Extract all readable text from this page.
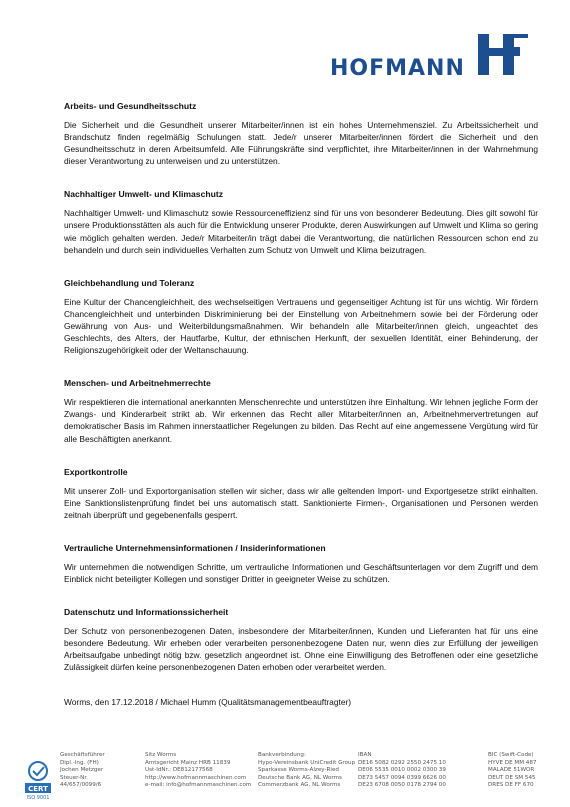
HOFMANN
Arbeits- und Gesundheitsschutz

Die Sicherheit und die Gesundheit unserer Mitarbeiter/innen ist ein hohes Unternehmensziel. Zu Arbeitssicherheit und Brandschutz finden regelmäßig Schulungen statt. Jede/r unserer Mitarbeiter/innen fördert die Sicherheit und den Gesundheitsschutz in deren Arbeitsumfeld. Alle Führungskräfte sind verpflichtet, ihre Mitarbeiter/innen in der Wahrnehmung dieser Verantwortung zu unterweisen und zu unterstützen.

Nachhaltiger Umwelt- und Klimaschutz

Nachhaltiger Umwelt- und Klimaschutz sowie Ressourceneffizienz sind für uns von besonderer Bedeutung. Dies gilt sowohl für unsere Produktionsstätten als auch für die Entwicklung unserer Produkte, deren Auswirkungen auf Umwelt und Klima so gering wie möglich gehalten werden. Jede/r Mitarbeiter/in trägt dabei die Verantwortung, die natürlichen Ressourcen schon end zu behandeln und durch sein individuelles Verhalten zum Schutz von Umwelt und Klima beizutragen.

Gleichbehandlung und Toleranz

Eine Kultur der Chancengleichheit, des wechselseitigen Vertrauens und gegenseitiger Achtung ist für uns wichtig. Wir fördern Chancengleichheit und unterbinden Diskriminierung bei der Einstellung von Arbeitnehmern sowie bei der Förderung oder Gewährung von Aus- und Weiterbildungsmaßnahmen. Wir behandeln alle Mitarbeiter/innen gleich, ungeachtet des Geschlechts, des Alters, der Hautfarbe, Kultur, der ethnischen Herkunft, der sexuellen Identität, einer Behinderung, der Religionszugehörigkeit oder der Weltanschauung.

Menschen- und Arbeitnehmerrechte

Wir respektieren die international anerkannten Menschenrechte und unterstützen ihre Einhaltung. Wir lehnen jegliche Form der Zwangs- und Kinderarbeit strikt ab. Wir erkennen das Recht aller Mitarbeiter/innen an, Arbeitnehmervertretungen auf demokratischer Basis im Rahmen innerstaatlicher Regelungen zu bilden. Das Recht auf eine angemessene Vergütung wird für alle Beschäftigten anerkannt.

Exportkontrolle

Mit unserer Zoll- und Exportorganisation stellen wir sicher, dass wir alle geltenden Import- und Exportgesetze strikt einhalten. Eine Sanktionslistenprüfung findet bei uns automatisch statt. Sanktionierte Firmen-, Organisationen und Personen werden zeitnah überprüft und gegebenenfalls gesperrt.

Vertrauliche Unternehmensinformationen / Insiderinformationen

Wir unternehmen die notwendigen Schritte, um vertrauliche Informationen und Geschäftsunterlagen vor dem Zugriff und dem Einblick nicht beteiligter Kollegen und sonstiger Dritter in geeigneter Weise zu schützen.

Datenschutz und Informationssicherheit

Der Schutz von personenbezogenen Daten, insbesondere der Mitarbeiter/innen, Kunden und Lieferanten hat für uns eine besondere Bedeutung. Wir erheben oder verarbeiten personenbezogene Daten nur, wenn dies zur Erfüllung der jeweiligen Arbeitsaufgabe unbedingt nötig bzw. gesetzlich angeordnet ist. Ohne eine Einwilligung des Betroffenen oder eine gesetzliche Zulässigkeit dürfen keine personenbezogenen Daten erhoben oder verarbeitet werden.

Worms, den 17.12.2018 / Michael Humm (Qualitätsmanagementbeauftragter)
CERT
ISO 9001
Geschäftsführer
Dipl.-Ing. (FH)
Jochen Metzger
Steuer-Nr.
44/657/0099/6
Sitz Worms
Amtsgericht Mainz HRB 11839
Ust-IdNr.: DE812177568
http://www.hofmannmaschinen.com
e-mail: info@hofmannmaschinen.com
Bankverbindung:
Hypo-Vereinsbank UniCredit Group
Sparkasse Worms-Alzey-Ried
Deutsche Bank AG, NL Worms
Commerzbank AG, NL Worms
IBAN
DE16 5082 0292 2550 2475 10
DE06 5535 0010 0002 0300 39
DE73 5457 0094 0399 6626 00
DE23 6708 0050 0178 2794 00
BIC (Swift-Code)
HYVE DE MM 487
MALADE 51WOR
DEUT DE SM 545
DRES DE FF 670
